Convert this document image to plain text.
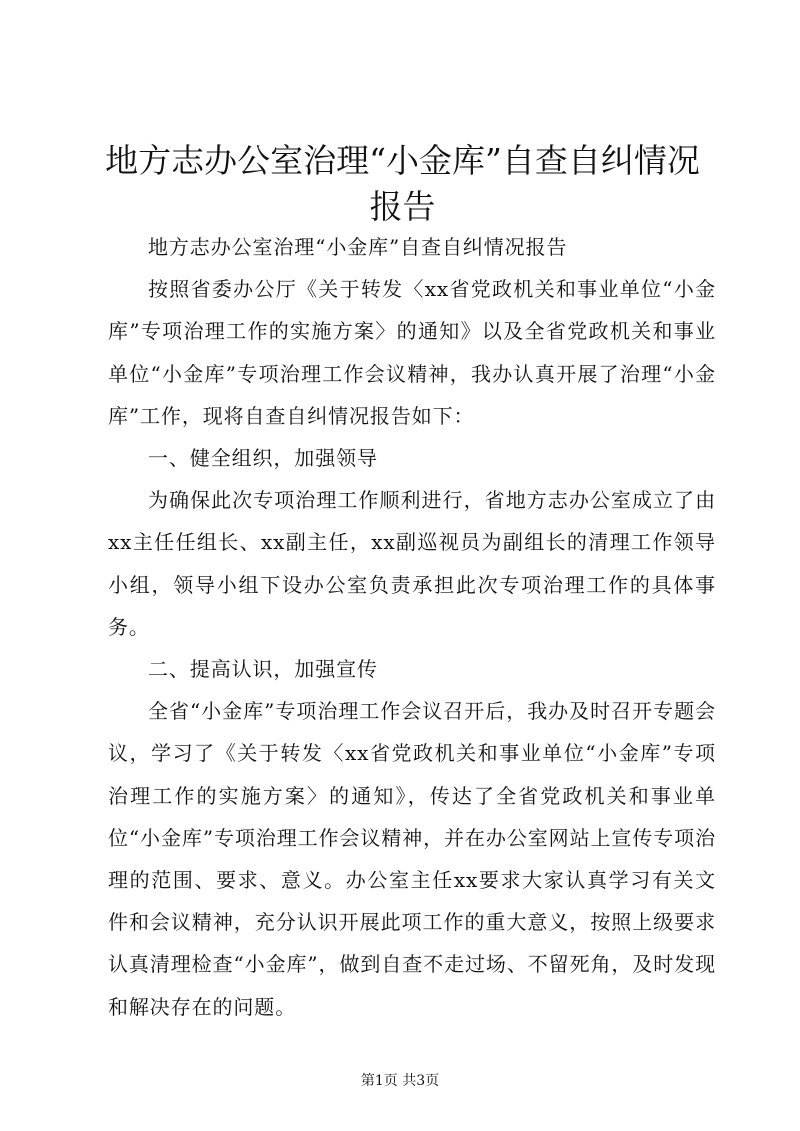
地方志办公室治理“小金库”自查自纠情况报告

地方志办公室治理“小金库”自查自纠情况报告

按照省委办公厅《关于转发〈xx省党政机关和事业单位“小金库”专项治理工作的实施方案〉的通知》以及全省党政机关和事业单位“小金库”专项治理工作会议精神，我办认真开展了治理“小金库”工作，现将自查自纠情况报告如下：

一、健全组织，加强领导

为确保此次专项治理工作顺利进行，省地方志办公室成立了由xx主任任组长、xx副主任，xx副巡视员为副组长的清理工作领导小组，领导小组下设办公室负责承担此次专项治理工作的具体事务。

二、提高认识，加强宣传

全省“小金库”专项治理工作会议召开后，我办及时召开专题会议，学习了《关于转发〈xx省党政机关和事业单位“小金库”专项治理工作的实施方案〉的通知》，传达了全省党政机关和事业单位“小金库”专项治理工作会议精神，并在办公室网站上宣传专项治理的范围、要求、意义。办公室主任xx要求大家认真学习有关文件和会议精神，充分认识开展此项工作的重大意义，按照上级要求认真清理检查“小金库”，做到自查不走过场、不留死角，及时发现和解决存在的问题。

第1页 共3页
